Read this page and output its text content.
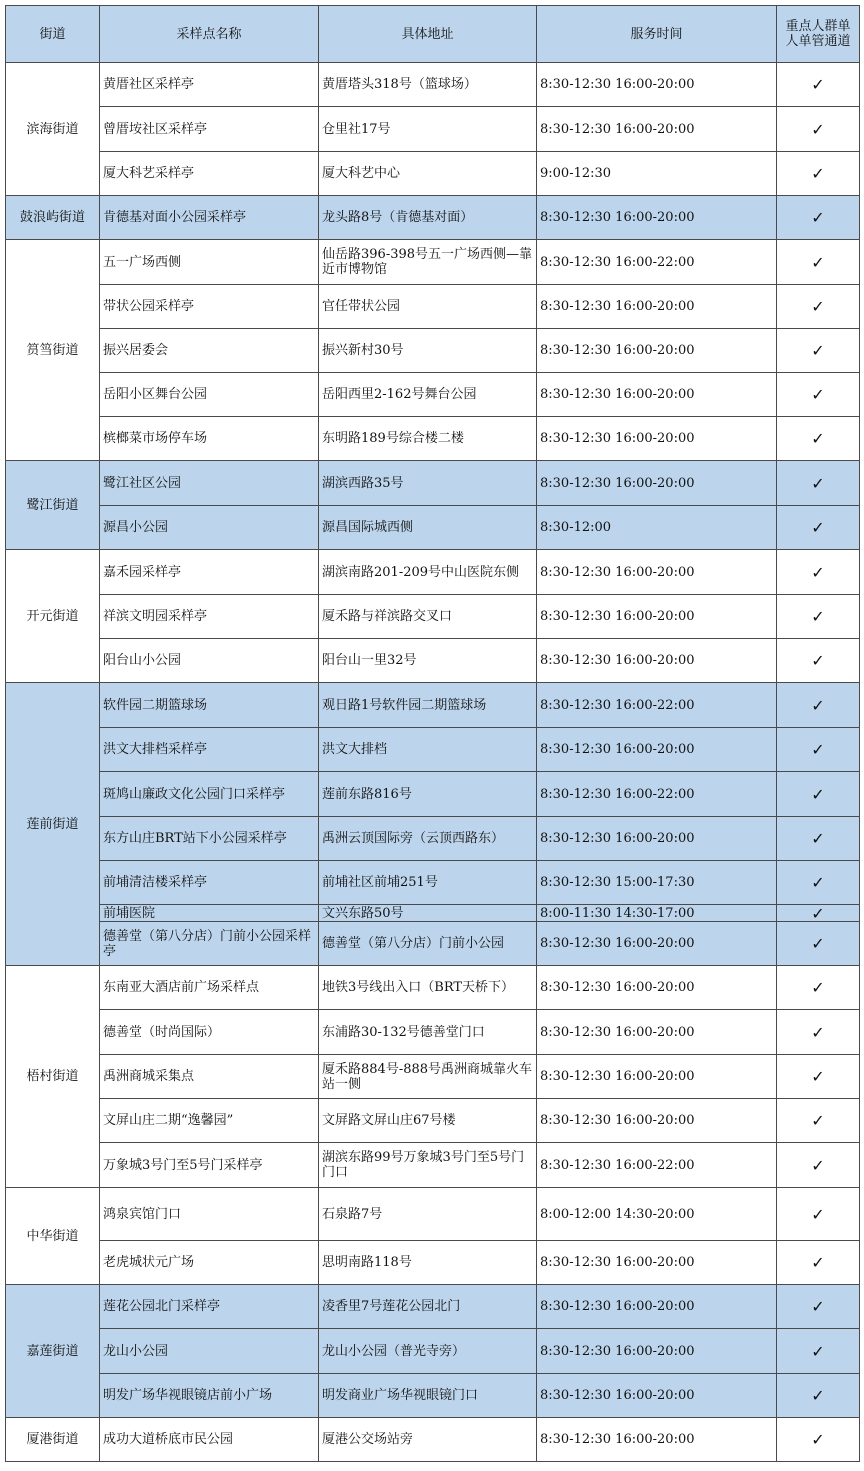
街道	采样点名称	具体地址	服务时间	重点人群单人单管通道
滨海街道	黄厝社区采样亭	黄厝塔头318号（篮球场）	8:30-12:30 16:00-20:00	✓
	曾厝垵社区采样亭	仓里社17号	8:30-12:30 16:00-20:00	✓
	厦大科艺采样亭	厦大科艺中心	9:00-12:30	✓
鼓浪屿街道	肯德基对面小公园采样亭	龙头路8号（肯德基对面）	8:30-12:30 16:00-20:00	✓
筼筜街道	五一广场西侧	仙岳路396-398号五一广场西侧—靠近市博物馆	8:30-12:30 16:00-22:00	✓
	带状公园采样亭	官任带状公园	8:30-12:30 16:00-20:00	✓
	振兴居委会	振兴新村30号	8:30-12:30 16:00-20:00	✓
	岳阳小区舞台公园	岳阳西里2-162号舞台公园	8:30-12:30 16:00-20:00	✓
	槟榔菜市场停车场	东明路189号综合楼二楼	8:30-12:30 16:00-20:00	✓
鹭江街道	鹭江社区公园	湖滨西路35号	8:30-12:30 16:00-20:00	✓
	源昌小公园	源昌国际城西侧	8:30-12:00	✓
开元街道	嘉禾园采样亭	湖滨南路201-209号中山医院东侧	8:30-12:30 16:00-20:00	✓
	祥滨文明园采样亭	厦禾路与祥滨路交叉口	8:30-12:30 16:00-20:00	✓
	阳台山小公园	阳台山一里32号	8:30-12:30 16:00-20:00	✓
莲前街道	软件园二期篮球场	观日路1号软件园二期篮球场	8:30-12:30 16:00-22:00	✓
	洪文大排档采样亭	洪文大排档	8:30-12:30 16:00-20:00	✓
	斑鸠山廉政文化公园门口采样亭	莲前东路816号	8:30-12:30 16:00-22:00	✓
	东方山庄BRT站下小公园采样亭	禹洲云顶国际旁（云顶西路东）	8:30-12:30 16:00-20:00	✓
	前埔清洁楼采样亭	前埔社区前埔251号	8:30-12:30 15:00-17:30	✓
	前埔医院	文兴东路50号	8:00-11:30 14:30-17:00	✓
	德善堂（第八分店）门前小公园采样亭	德善堂（第八分店）门前小公园	8:30-12:30 16:00-20:00	✓
梧村街道	东南亚大酒店前广场采样点	地铁3号线出入口（BRT天桥下）	8:30-12:30 16:00-20:00	✓
	德善堂（时尚国际）	东浦路30-132号德善堂门口	8:30-12:30 16:00-20:00	✓
	禹洲商城采集点	厦禾路884号-888号禹洲商城靠火车站一侧	8:30-12:30 16:00-20:00	✓
	文屏山庄二期“逸馨园”	文屏路文屏山庄67号楼	8:30-12:30 16:00-20:00	✓
	万象城3号门至5号门采样亭	湖滨东路99号万象城3号门至5号门门口	8:30-12:30 16:00-22:00	✓
中华街道	鸿泉宾馆门口	石泉路7号	8:00-12:00 14:30-20:00	✓
	老虎城状元广场	思明南路118号	8:30-12:30 16:00-20:00	✓
嘉莲街道	莲花公园北门采样亭	凌香里7号莲花公园北门	8:30-12:30 16:00-20:00	✓
	龙山小公园	龙山小公园（普光寺旁）	8:30-12:30 16:00-20:00	✓
	明发广场华视眼镜店前小广场	明发商业广场华视眼镜门口	8:30-12:30 16:00-20:00	✓
厦港街道	成功大道桥底市民公园	厦港公交场站旁	8:30-12:30 16:00-20:00	✓
